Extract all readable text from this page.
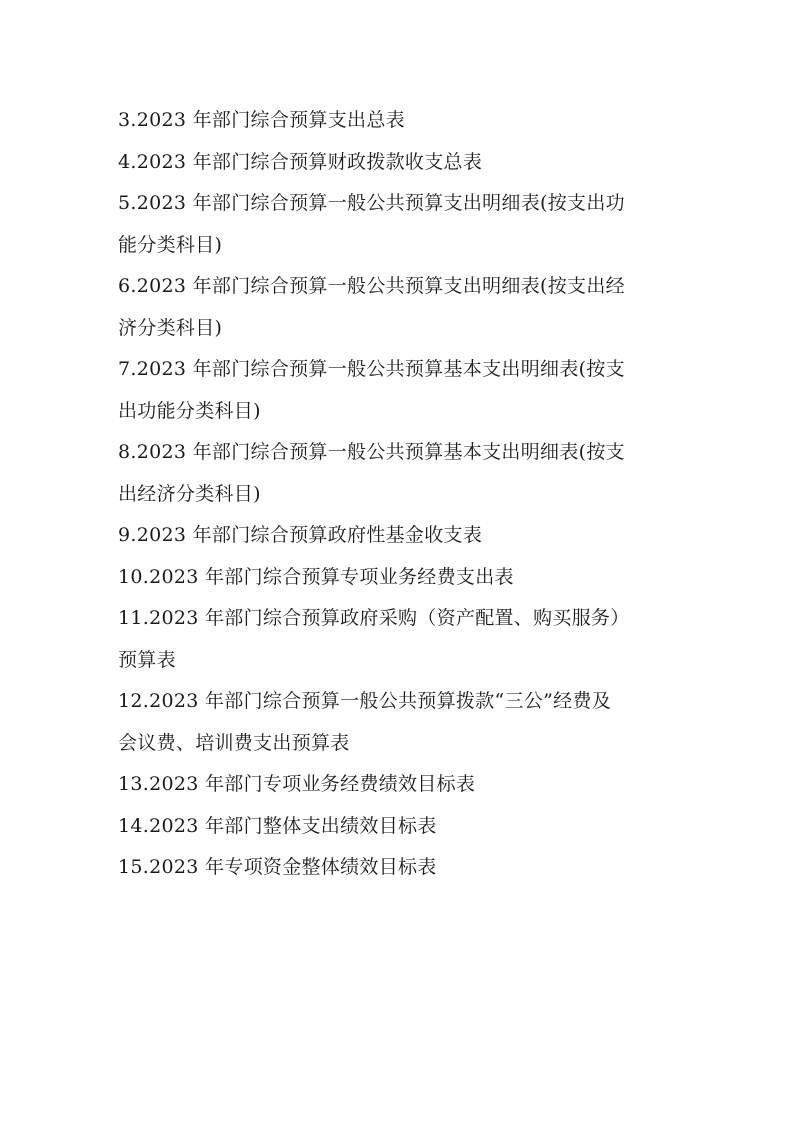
3.2023 年部门综合预算支出总表
4.2023 年部门综合预算财政拨款收支总表
5.2023 年部门综合预算一般公共预算支出明细表(按支出功
能分类科目)
6.2023 年部门综合预算一般公共预算支出明细表(按支出经
济分类科目)
7.2023 年部门综合预算一般公共预算基本支出明细表(按支
出功能分类科目)
8.2023 年部门综合预算一般公共预算基本支出明细表(按支
出经济分类科目)
9.2023 年部门综合预算政府性基金收支表
10.2023 年部门综合预算专项业务经费支出表
11.2023 年部门综合预算政府采购（资产配置、购买服务）
预算表
12.2023 年部门综合预算一般公共预算拨款“三公”经费及
会议费、培训费支出预算表
13.2023 年部门专项业务经费绩效目标表
14.2023 年部门整体支出绩效目标表
15.2023 年专项资金整体绩效目标表
